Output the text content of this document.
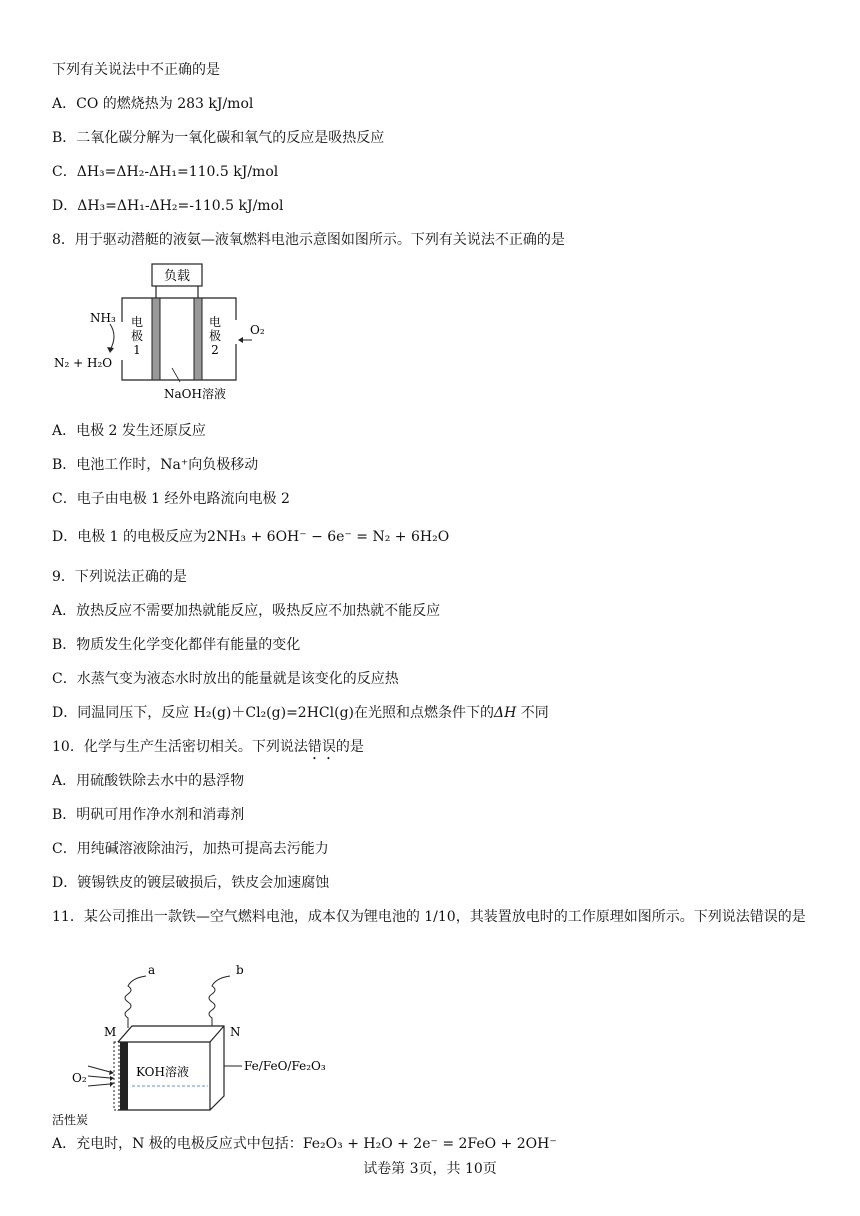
下列有关说法中不正确的是
A．CO 的燃烧热为 283 kJ/mol
B．二氧化碳分解为一氧化碳和氧气的反应是吸热反应
C．ΔH₃=ΔH₂-ΔH₁=110.5 kJ/mol
D．ΔH₃=ΔH₁-ΔH₂=-110.5 kJ/mol
8．用于驱动潜艇的液氨—液氧燃料电池示意图如图所示。下列有关说法不正确的是
负载
电
极
1
电
极
2
NH₃
N₂ + H₂O
O₂
NaOH溶液
A．电极 2 发生还原反应
B．电池工作时，Na⁺向负极移动
C．电子由电极 1 经外电路流向电极 2
D．电极 1 的电极反应为2NH₃ + 6OH⁻ − 6e⁻ = N₂ + 6H₂O
9．下列说法正确的是
A．放热反应不需要加热就能反应，吸热反应不加热就不能反应
B．物质发生化学变化都伴有能量的变化
C．水蒸气变为液态水时放出的能量就是该变化的反应热
D．同温同压下，反应 H₂(g)＋Cl₂(g)=2HCl(g)在光照和点燃条件下的ΔH 不同
10．化学与生产生活密切相关。下列说法错误的是
A．用硫酸铁除去水中的悬浮物
B．明矾可用作净水剂和消毒剂
C．用纯碱溶液除油污，加热可提高去污能力
D．镀锡铁皮的镀层破损后，铁皮会加速腐蚀
11．某公司推出一款铁—空气燃料电池，成本仅为锂电池的 1/10，其装置放电时的工作原理如图所示。下列说法错误的是
a	b
M	N
KOH溶液
O₂
Fe/FeO/Fe₂O₃
活性炭
A．充电时，N 极的电极反应式中包括：Fe₂O₃ + H₂O + 2e⁻ = 2FeO + 2OH⁻
试卷第 3页，共 10页
